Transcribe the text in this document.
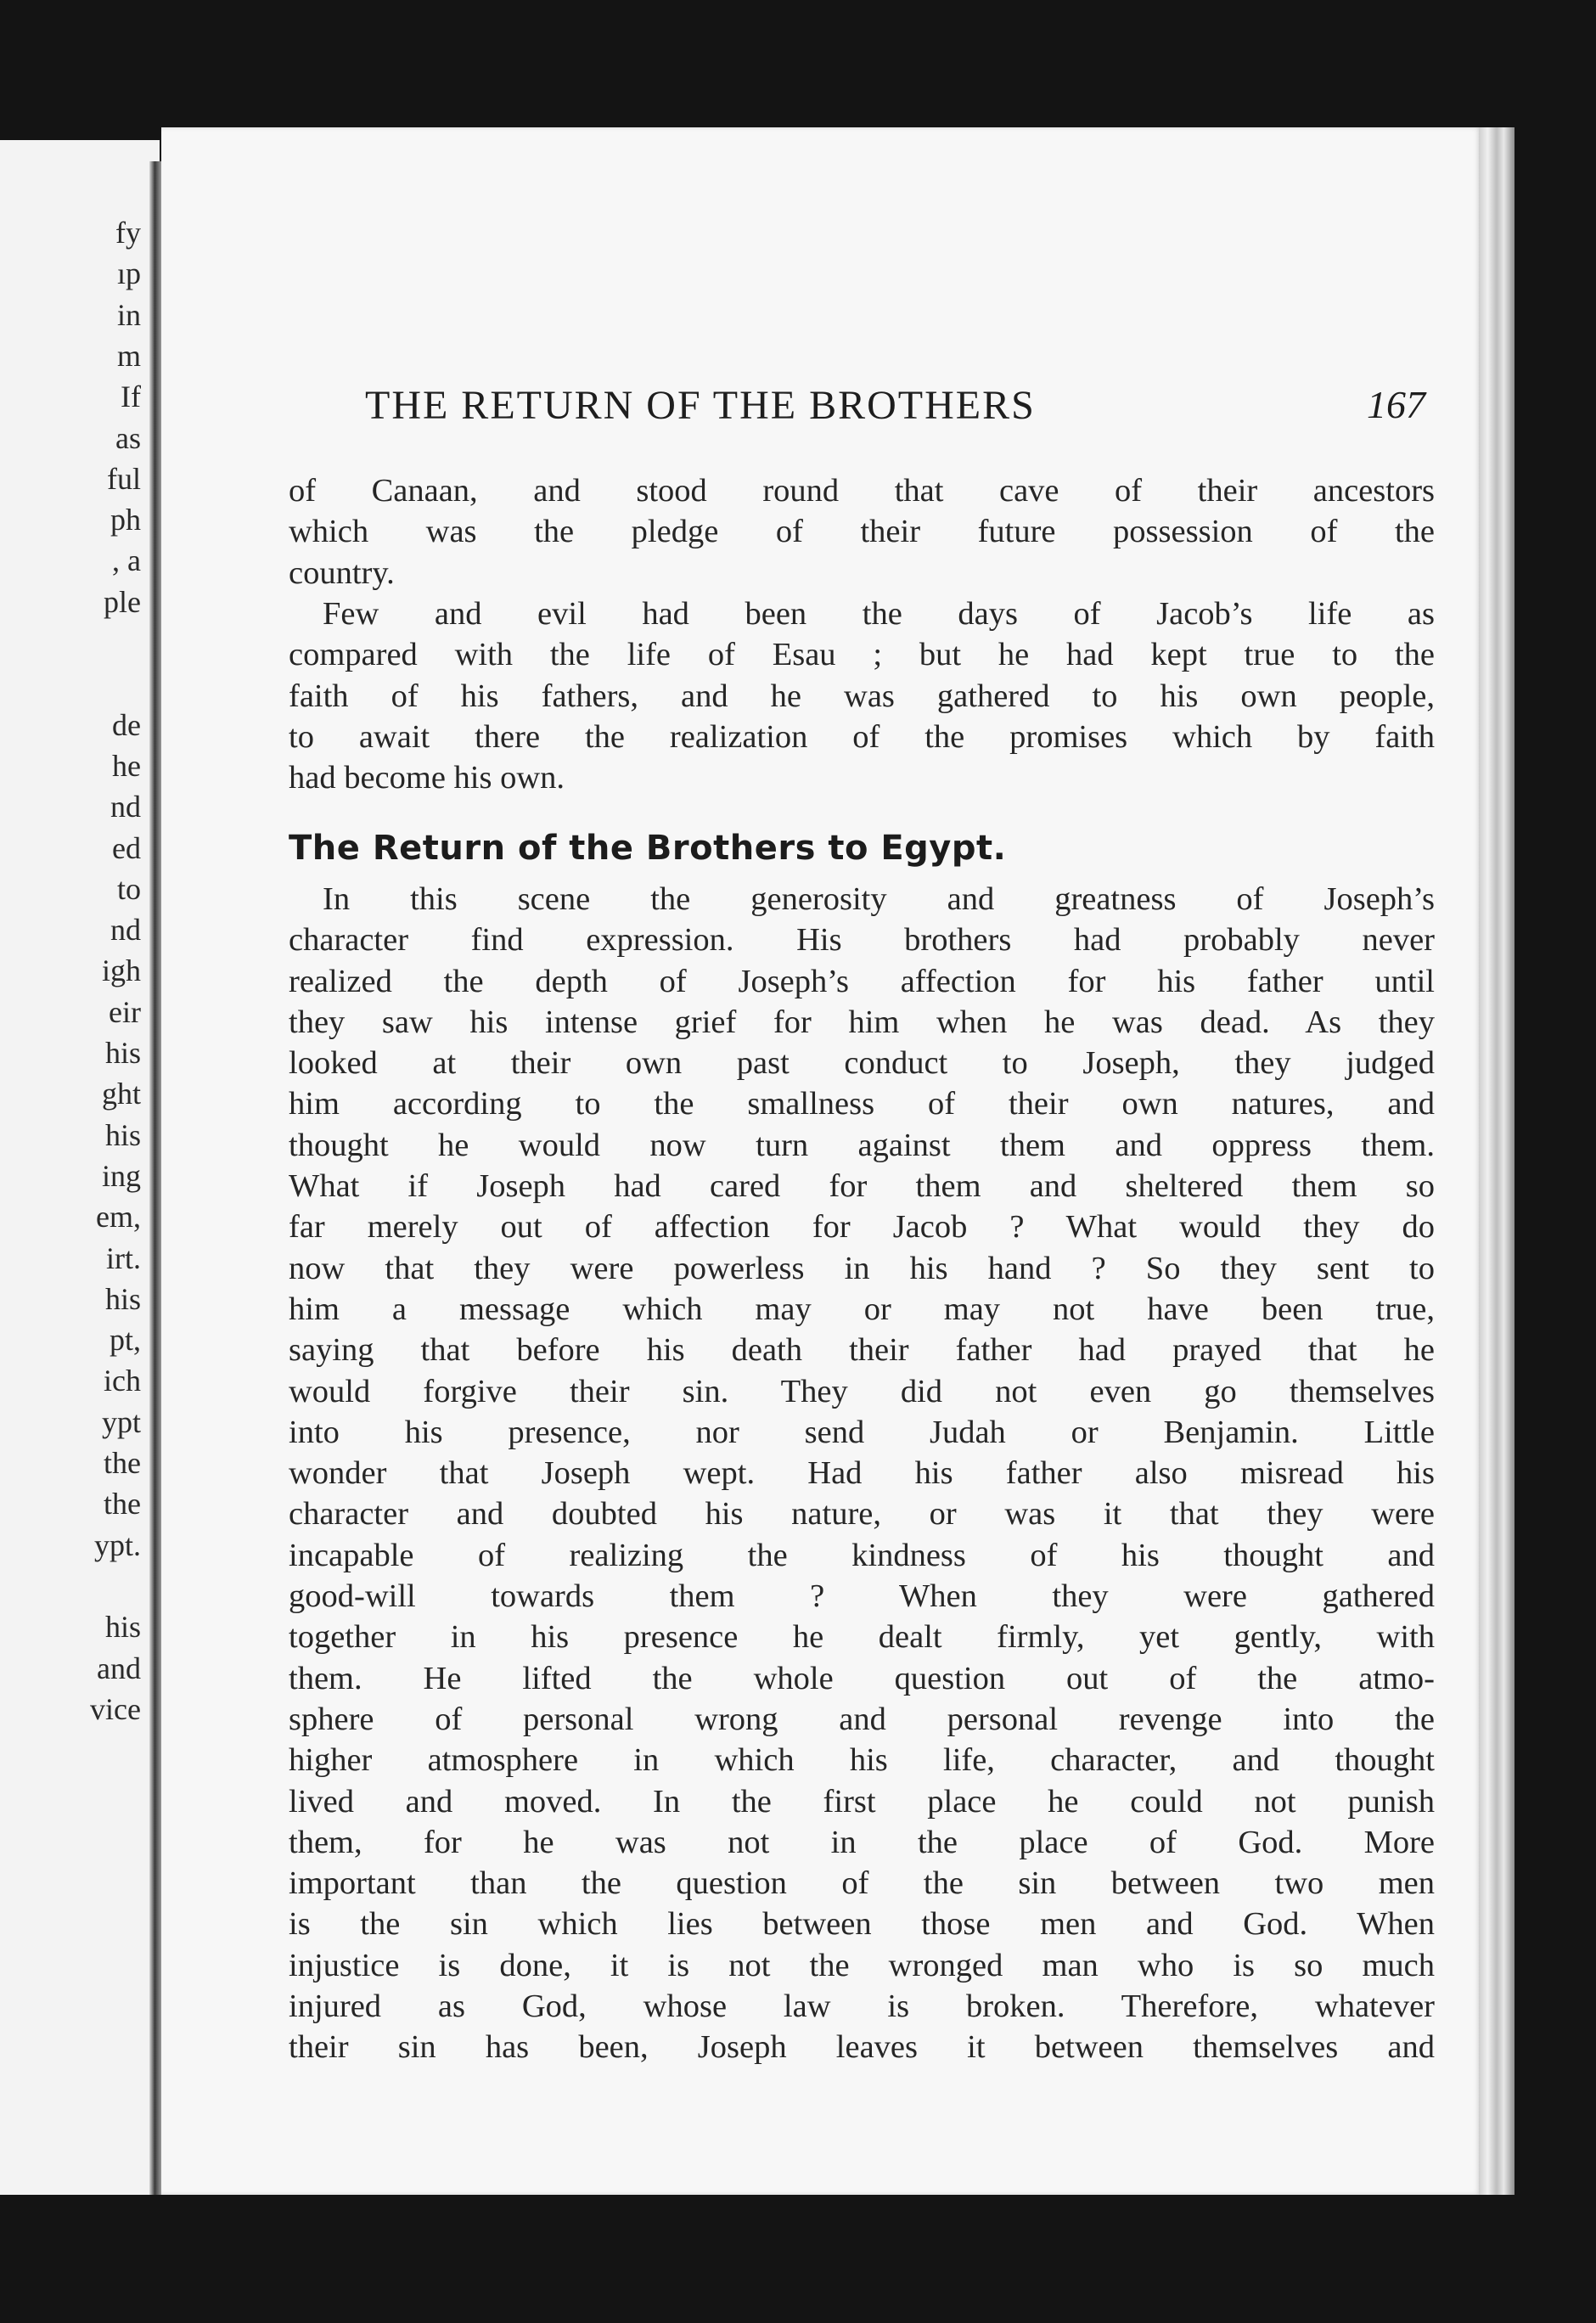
fy
ıp
in
m
If
as
ful
ph
, a
ple
de
he
nd
ed
to
nd
igh
eir
his
ght
his
ing
em,
irt.
his
pt,
ich
ypt
the
the
ypt.
his
and
vice
THE RETURN OF THE BROTHERS	167
of Canaan, and stood round that cave of their ancestors
which was the pledge of their future possession of the
country.
Few and evil had been the days of Jacob’s life as
compared with the life of Esau ; but he had kept true to the
faith of his fathers, and he was gathered to his own people,
to await there the realization of the promises which by faith
had become his own.
The Return of the Brothers to Egypt.
In this scene the generosity and greatness of Joseph’s
character find expression. His brothers had probably never
realized the depth of Joseph’s affection for his father until
they saw his intense grief for him when he was dead. As they
looked at their own past conduct to Joseph, they judged
him according to the smallness of their own natures, and
thought he would now turn against them and oppress them.
What if Joseph had cared for them and sheltered them so
far merely out of affection for Jacob ? What would they do
now that they were powerless in his hand ? So they sent to
him a message which may or may not have been true,
saying that before his death their father had prayed that he
would forgive their sin. They did not even go themselves
into his presence, nor send Judah or Benjamin. Little
wonder that Joseph wept. Had his father also misread his
character and doubted his nature, or was it that they were
incapable of realizing the kindness of his thought and
good-will towards them ? When they were gathered
together in his presence he dealt firmly, yet gently, with
them. He lifted the whole question out of the atmo-
sphere of personal wrong and personal revenge into the
higher atmosphere in which his life, character, and thought
lived and moved. In the first place he could not punish
them, for he was not in the place of God. More
important than the question of the sin between two men
is the sin which lies between those men and God. When
injustice is done, it is not the wronged man who is so much
injured as God, whose law is broken. Therefore, whatever
their sin has been, Joseph leaves it between themselves and
